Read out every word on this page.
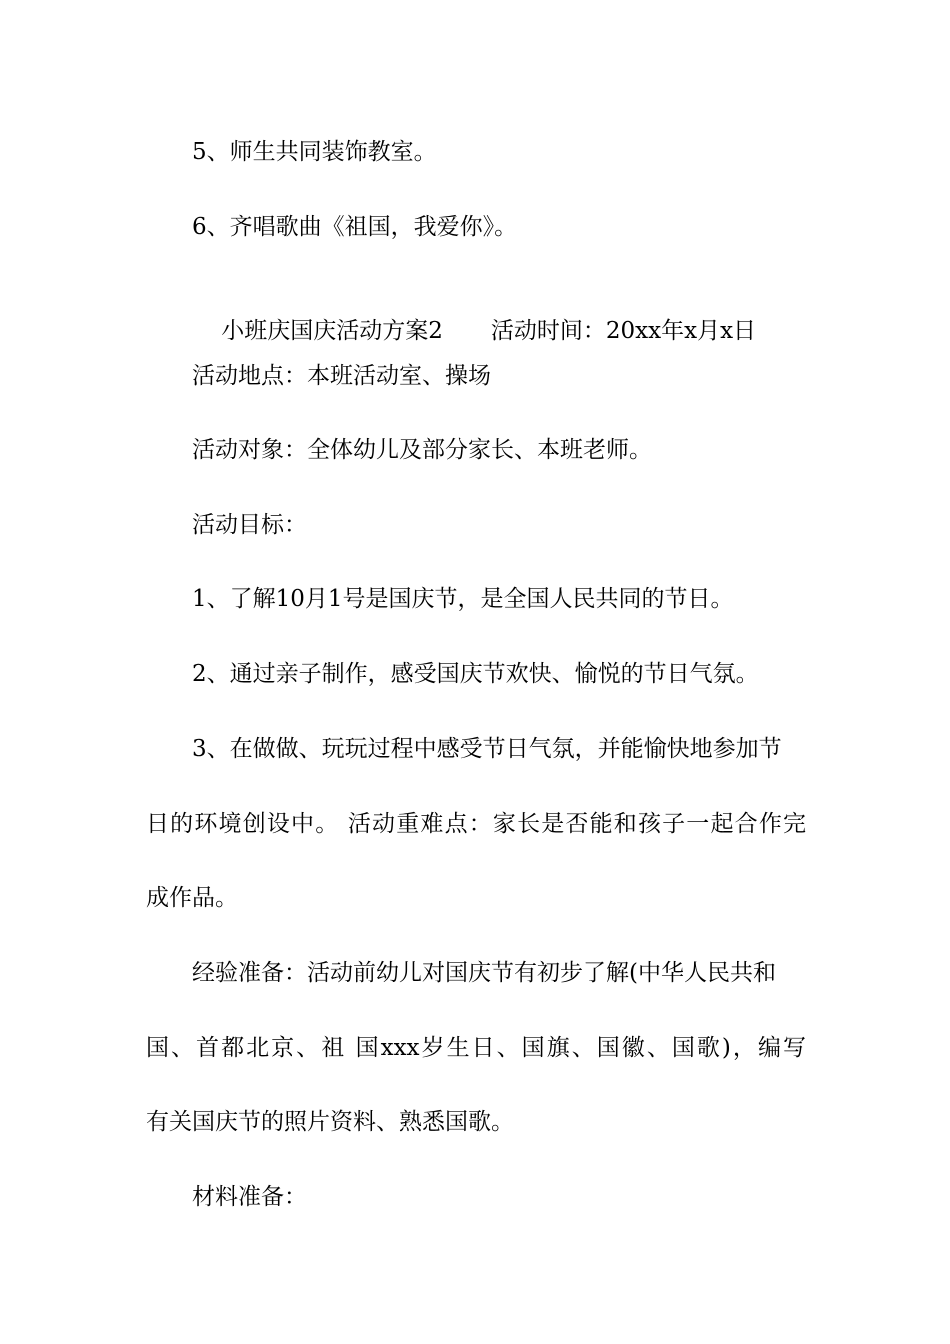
5、师生共同装饰教室。
6、齐唱歌曲《祖国，我爱你》。

小班庆国庆活动方案2 活动时间：20xx年x月x日

活动地点：本班活动室、操场
活动对象：全体幼儿及部分家长、本班老师。
活动目标：
1、了解10月1号是国庆节，是全国人民共同的节日。
2、通过亲子制作，感受国庆节欢快、愉悦的节日气氛。
3、在做做、玩玩过程中感受节日气氛，并能愉快地参加节
日的环境创设中。 活动重难点：家长是否能和孩子一起合作完
成作品。
经验准备：活动前幼儿对国庆节有初步了解(中华人民共和
国、首都北京、祖 国xxx岁生日、国旗、国徽、国歌)，编写
有关国庆节的照片资料、熟悉国歌。
材料准备：
